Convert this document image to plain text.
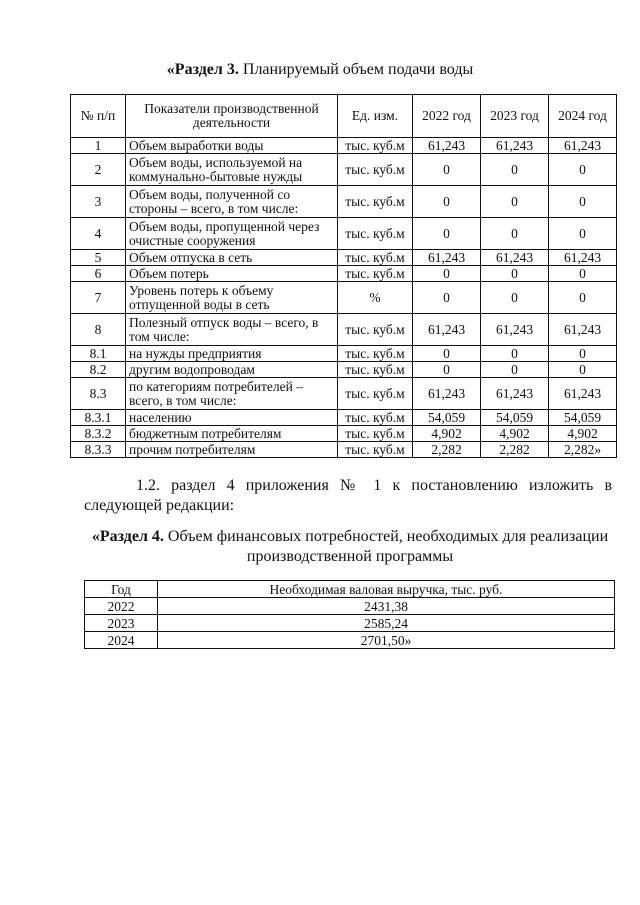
«Раздел 3. Планируемый объем подачи воды
№ п/п	Показатели производственной деятельности	Ед. изм.	2022 год	2023 год	2024 год
1	Объем выработки воды	тыс. куб.м	61,243	61,243	61,243
2	Объем воды, используемой на коммунально-бытовые нужды	тыс. куб.м	0	0	0
3	Объем воды, полученной со стороны – всего, в том числе:	тыс. куб.м	0	0	0
4	Объем воды, пропущенной через очистные сооружения	тыс. куб.м	0	0	0
5	Объем отпуска в сеть	тыс. куб.м	61,243	61,243	61,243
6	Объем потерь	тыс. куб.м	0	0	0
7	Уровень потерь к объему отпущенной воды в сеть	%	0	0	0
8	Полезный отпуск воды – всего, в том числе:	тыс. куб.м	61,243	61,243	61,243
8.1	на нужды предприятия	тыс. куб.м	0	0	0
8.2	другим водопроводам	тыс. куб.м	0	0	0
8.3	по категориям потребителей – всего, в том числе:	тыс. куб.м	61,243	61,243	61,243
8.3.1	населению	тыс. куб.м	54,059	54,059	54,059
8.3.2	бюджетным потребителям	тыс. куб.м	4,902	4,902	4,902
8.3.3	прочим потребителям	тыс. куб.м	2,282	2,282	2,282»
1.2. раздел 4 приложения № 1 к постановлению изложить в следующей редакции:
«Раздел 4. Объем финансовых потребностей, необходимых для реализации производственной программы
Год	Необходимая валовая выручка, тыс. руб.
2022	2431,38
2023	2585,24
2024	2701,50»
